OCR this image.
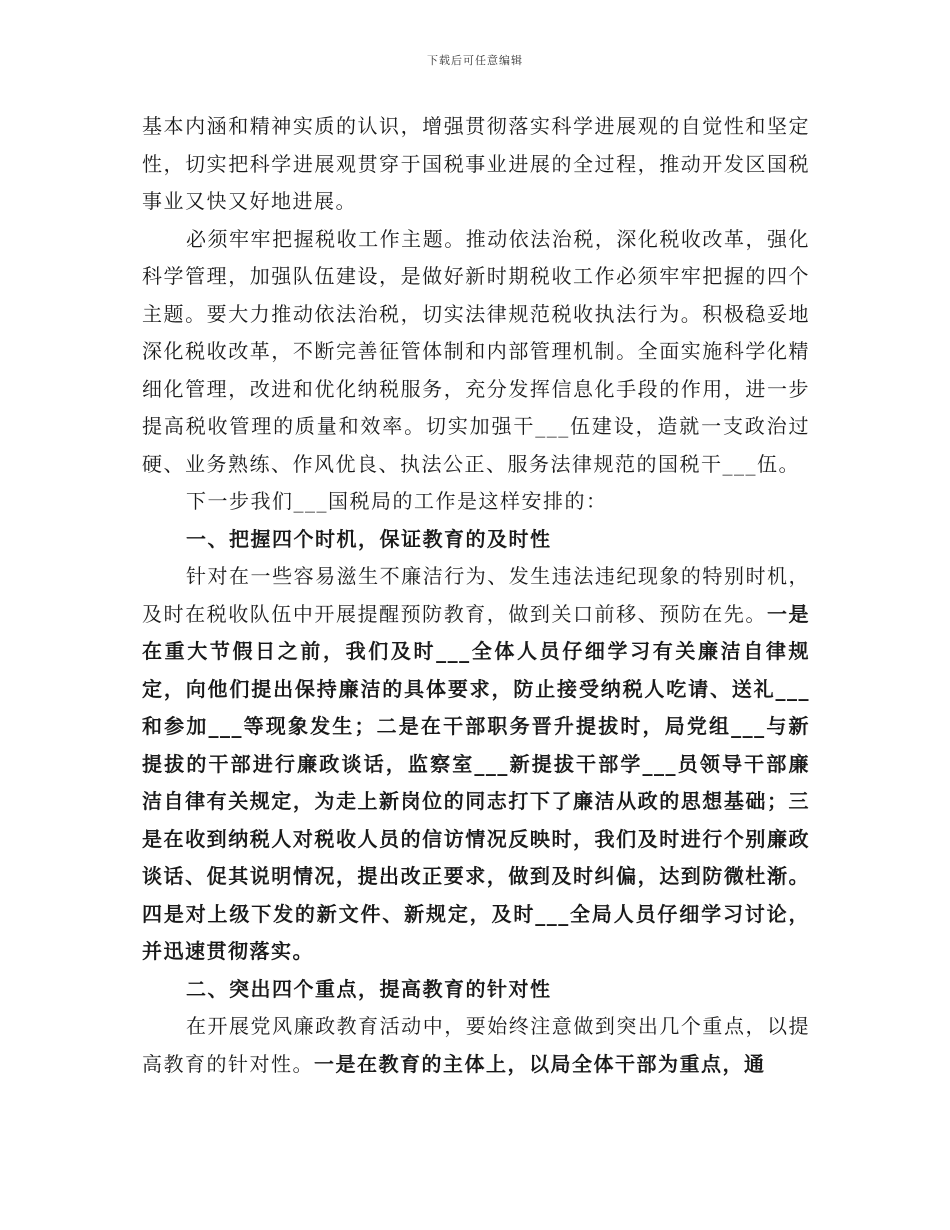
下载后可任意编辑

基本内涵和精神实质的认识，增强贯彻落实科学进展观的自觉性和坚定性，切实把科学进展观贯穿于国税事业进展的全过程，推动开发区国税事业又快又好地进展。

必须牢牢把握税收工作主题。推动依法治税，深化税收改革，强化科学管理，加强队伍建设，是做好新时期税收工作必须牢牢把握的四个主题。要大力推动依法治税，切实法律规范税收执法行为。积极稳妥地深化税收改革，不断完善征管体制和内部管理机制。全面实施科学化精细化管理，改进和优化纳税服务，充分发挥信息化手段的作用，进一步提高税收管理的质量和效率。切实加强干___伍建设，造就一支政治过硬、业务熟练、作风优良、执法公正、服务法律规范的国税干___伍。

下一步我们___国税局的工作是这样安排的：

一、把握四个时机，保证教育的及时性

针对在一些容易滋生不廉洁行为、发生违法违纪现象的特别时机，及时在税收队伍中开展提醒预防教育，做到关口前移、预防在先。一是在重大节假日之前，我们及时___全体人员仔细学习有关廉洁自律规定，向他们提出保持廉洁的具体要求，防止接受纳税人吃请、送礼___和参加___等现象发生；二是在干部职务晋升提拔时，局党组___与新提拔的干部进行廉政谈话，监察室___新提拔干部学___员领导干部廉洁自律有关规定，为走上新岗位的同志打下了廉洁从政的思想基础；三是在收到纳税人对税收人员的信访情况反映时，我们及时进行个别廉政谈话、促其说明情况，提出改正要求，做到及时纠偏，达到防微杜渐。四是对上级下发的新文件、新规定，及时___全局人员仔细学习讨论，并迅速贯彻落实。

二、突出四个重点，提高教育的针对性

在开展党风廉政教育活动中，要始终注意做到突出几个重点，以提高教育的针对性。一是在教育的主体上，以局全体干部为重点，通
